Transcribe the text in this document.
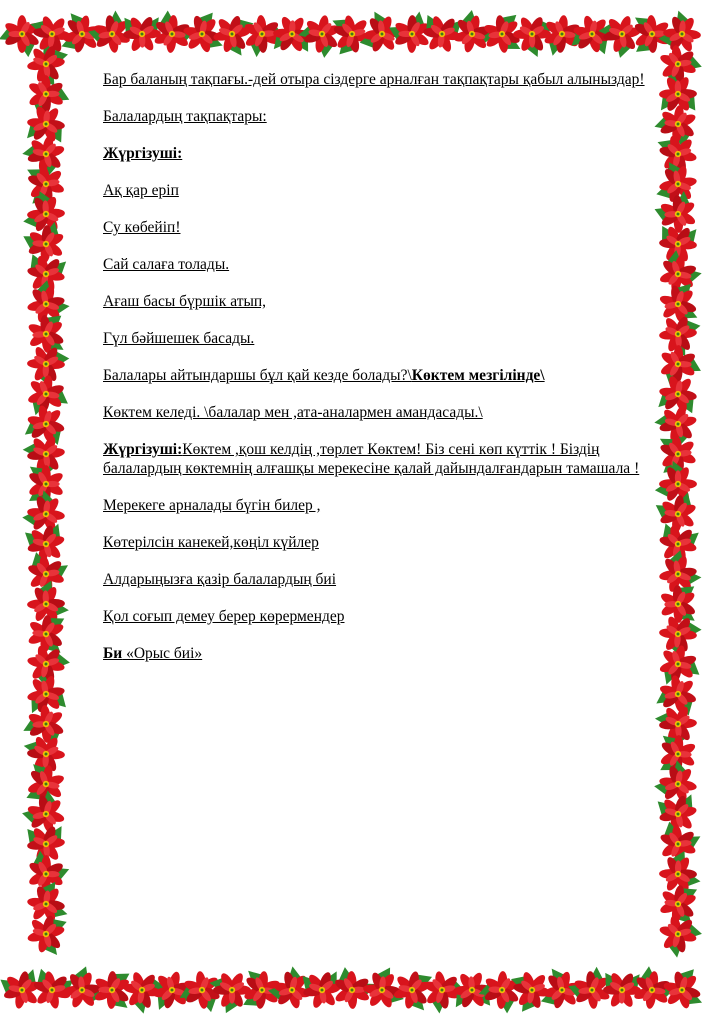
Бар баланың тақпағы.-дей отыра сіздерге арналған тақпақтары қабыл алыныздар!

Балалардың тақпақтары:

Жүргізуші:

Ақ қар еріп

Су көбейіп!

Сай салаға толады.

Ағаш басы бүршік атып,

Гүл бәйшешек басады.

Балалары айтындаршы бұл қай кезде болады?\Көктем мезгілінде\

Көктем келеді. \балалар мен ,ата-аналармен амандасады.\

Жүргізуші:Көктем ,қош келдің ,төрлет Көктем! Біз сені көп күттік ! Біздің балалардың көктемнің алғашқы мерекесіне қалай дайындалғандарын тамашала !

Мерекеге арналады бүгін билер ,

Көтерілсін канекей,көңіл күйлер

Алдарыңызға қазір балалардың биі

Қол соғып демеу берер көрермендер

Би «Орыс биі»
